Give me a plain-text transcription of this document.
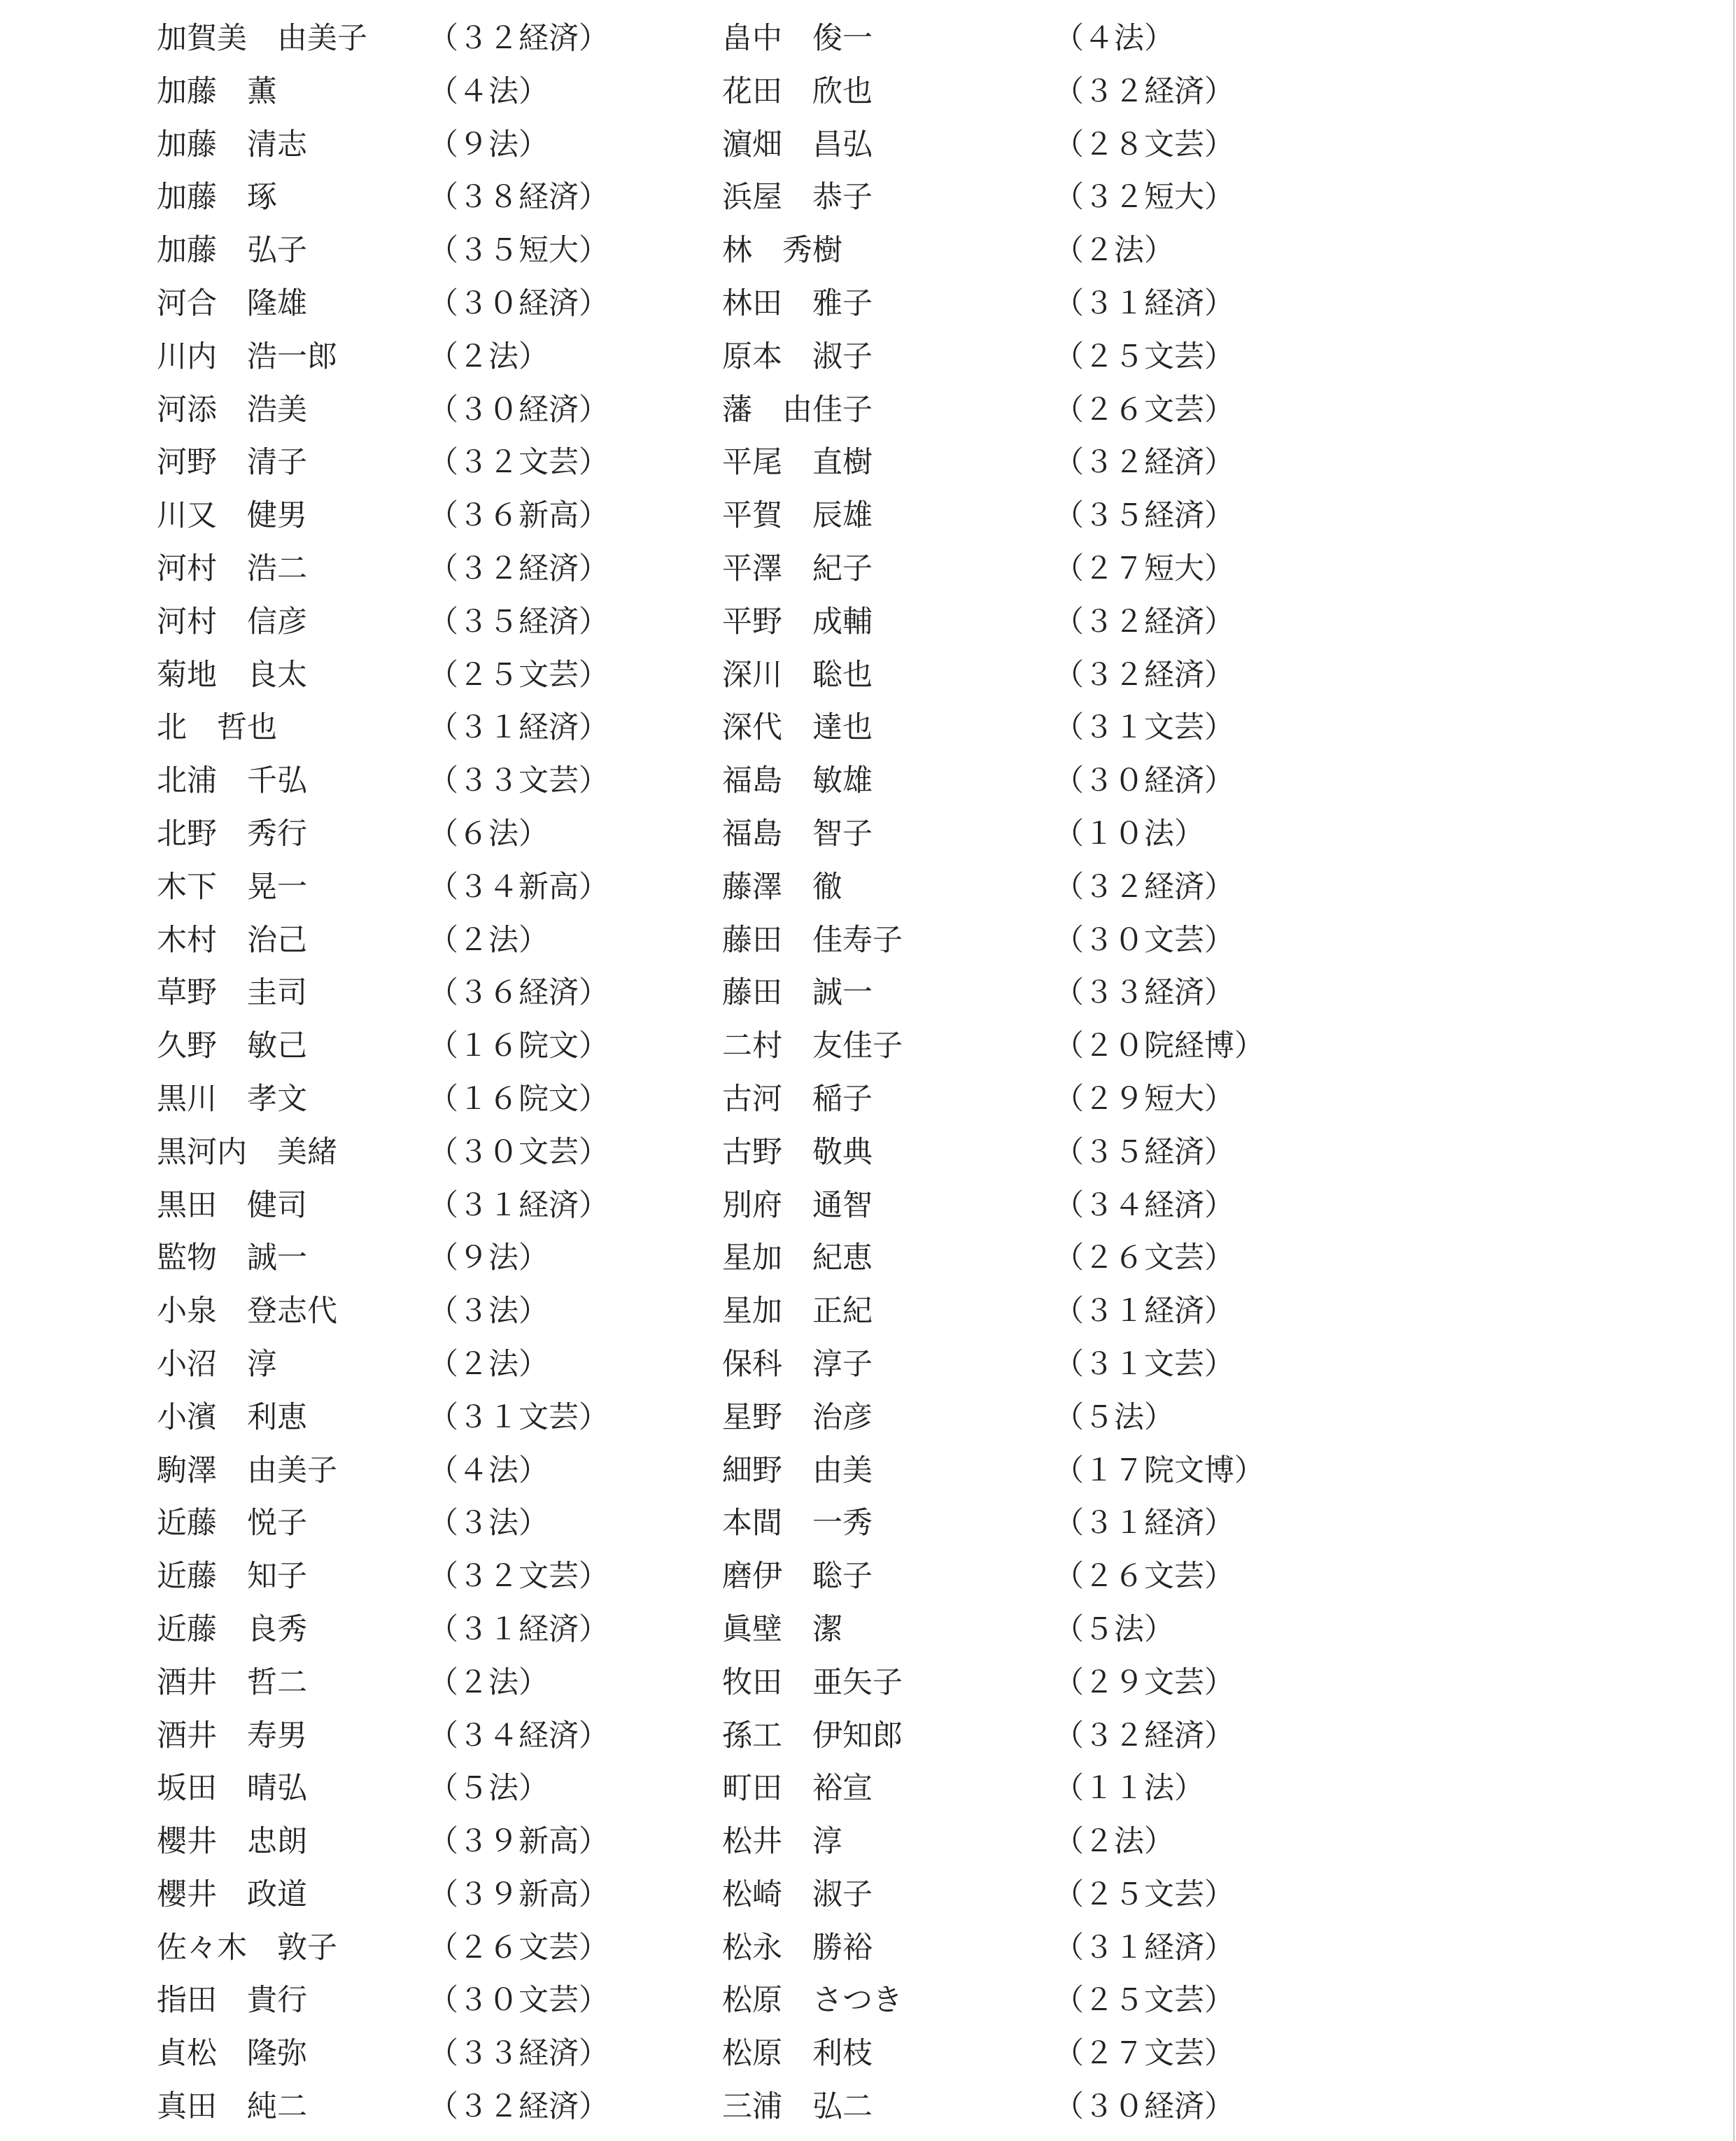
加賀美　由美子 （３２経済）	畠中　俊一	（４法）
加藤　薫	（４法）	花田　欣也	（３２経済）
加藤　清志	（９法）	濵畑　昌弘	（２８文芸）
加藤　琢	（３８経済）	浜屋　恭子	（３２短大）
加藤　弘子	（３５短大）	林　秀樹	（２法）
河合　隆雄	（３０経済）	林田　雅子	（３１経済）
川内　浩一郎	（２法）	原本　淑子	（２５文芸）
河添　浩美	（３０経済）	藩　由佳子	（２６文芸）
河野　清子	（３２文芸）	平尾　直樹	（３２経済）
川又　健男	（３６新高）	平賀　辰雄	（３５経済）
河村　浩二	（３２経済）	平澤　紀子	（２７短大）
河村　信彦	（３５経済）	平野　成輔	（３２経済）
菊地　良太	（２５文芸）	深川　聡也	（３２経済）
北　哲也	（３１経済）	深代　達也	（３１文芸）
北浦　千弘	（３３文芸）	福島　敏雄	（３０経済）
北野　秀行	（６法）	福島　智子	（１０法）
木下　晃一	（３４新高）	藤澤　徹	（３２経済）
木村　治己	（２法）	藤田　佳寿子	（３０文芸）
草野　圭司	（３６経済）	藤田　誠一	（３３経済）
久野　敏己	（１６院文）	二村　友佳子	（２０院経博）
黒川　孝文	（１６院文）	古河　稲子	（２９短大）
黒河内　美緒	（３０文芸）	古野　敬典	（３５経済）
黒田　健司	（３１経済）	別府　通智	（３４経済）
監物　誠一	（９法）	星加　紀恵	（２６文芸）
小泉　登志代	（３法）	星加　正紀	（３１経済）
小沼　淳	（２法）	保科　淳子	（３１文芸）
小濱　利恵	（３１文芸）	星野　治彦	（５法）
駒澤　由美子	（４法）	細野　由美	（１７院文博）
近藤　悦子	（３法）	本間　一秀	（３１経済）
近藤　知子	（３２文芸）	磨伊　聡子	（２６文芸）
近藤　良秀	（３１経済）	眞壁　潔	（５法）
酒井　哲二	（２法）	牧田　亜矢子	（２９文芸）
酒井　寿男	（３４経済）	孫工　伊知郎	（３２経済）
坂田　晴弘	（５法）	町田　裕宣	（１１法）
櫻井　忠朗	（３９新高）	松井　淳	（２法）
櫻井　政道	（３９新高）	松崎　淑子	（２５文芸）
佐々木　敦子	（２６文芸）	松永　勝裕	（３１経済）
指田　貴行	（３０文芸）	松原　さつき	（２５文芸）
貞松　隆弥	（３３経済）	松原　利枝	（２７文芸）
真田　純二	（３２経済）	三浦　弘二	（３０経済）
